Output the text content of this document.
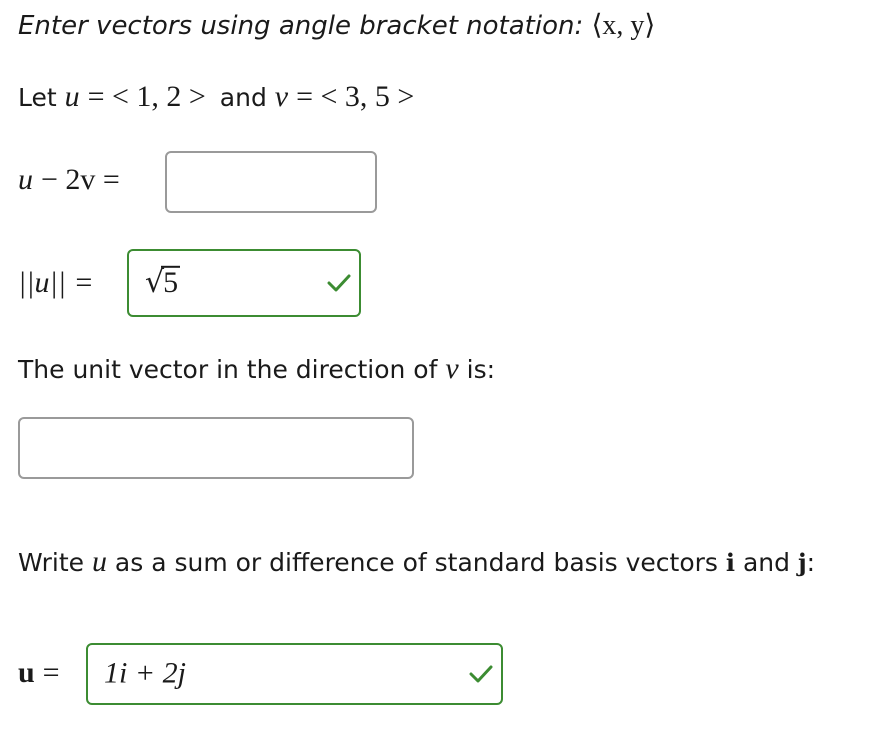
Enter vectors using angle bracket notation: ⟨x, y⟩
Let u = < 1, 2 > and v = < 3, 5 >
u − 2v =
||u|| = √5
The unit vector in the direction of v is:
Write u as a sum or difference of standard basis vectors i and j:
u = 1i + 2j
